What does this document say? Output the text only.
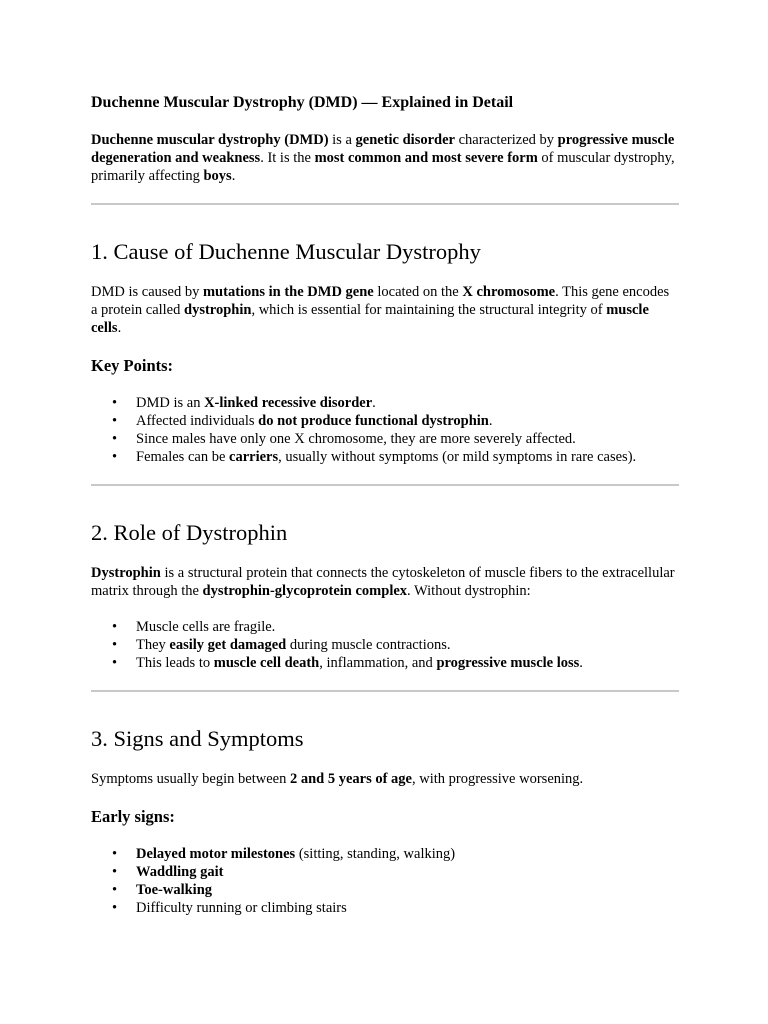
Duchenne Muscular Dystrophy (DMD) — Explained in Detail

Duchenne muscular dystrophy (DMD) is a genetic disorder characterized by progressive muscle degeneration and weakness. It is the most common and most severe form of muscular dystrophy, primarily affecting boys.

1. Cause of Duchenne Muscular Dystrophy

DMD is caused by mutations in the DMD gene located on the X chromosome. This gene encodes a protein called dystrophin, which is essential for maintaining the structural integrity of muscle cells.

Key Points:
• DMD is an X-linked recessive disorder.
• Affected individuals do not produce functional dystrophin.
• Since males have only one X chromosome, they are more severely affected.
• Females can be carriers, usually without symptoms (or mild symptoms in rare cases).
2. Role of Dystrophin

Dystrophin is a structural protein that connects the cytoskeleton of muscle fibers to the extracellular matrix through the dystrophin-glycoprotein complex. Without dystrophin:

• Muscle cells are fragile.
• They easily get damaged during muscle contractions.
• This leads to muscle cell death, inflammation, and progressive muscle loss.
3. Signs and Symptoms

Symptoms usually begin between 2 and 5 years of age, with progressive worsening.

Early signs:
• Delayed motor milestones (sitting, standing, walking)
• Waddling gait
• Toe-walking
• Difficulty running or climbing stairs
